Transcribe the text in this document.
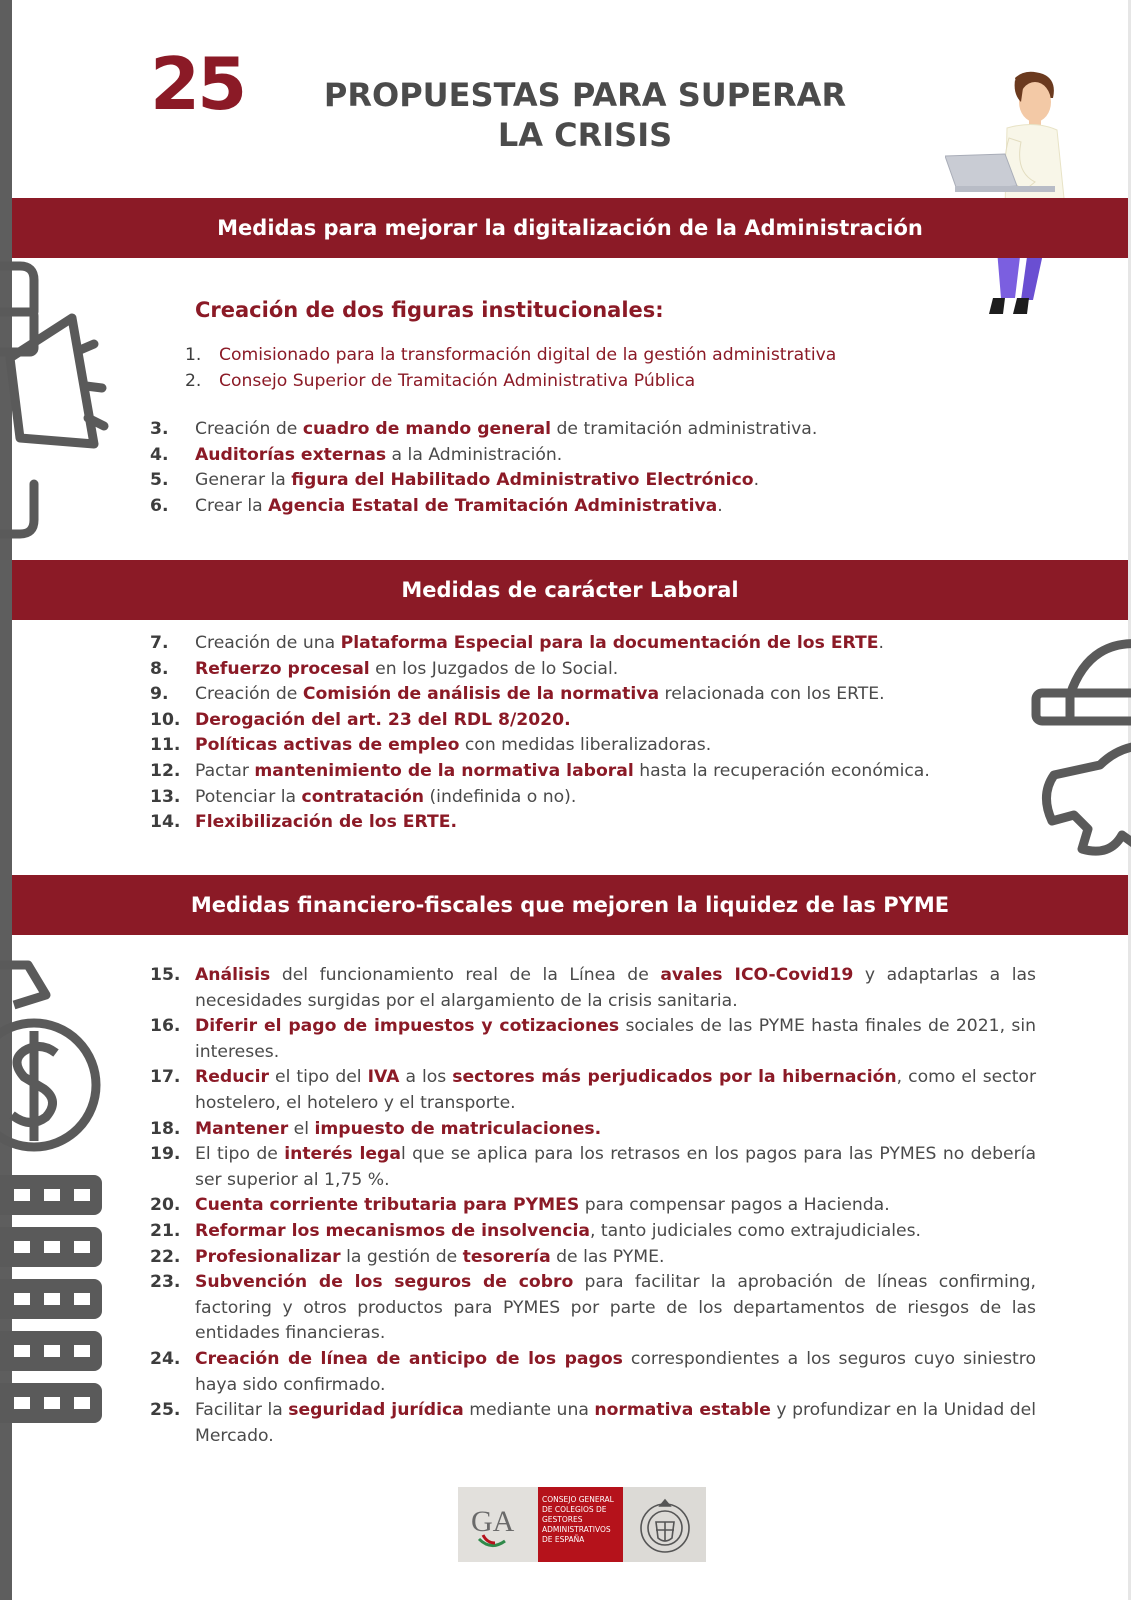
25	PROPUESTAS PARA SUPERAR
LA CRISIS
Medidas para mejorar la digitalización de la Administración
Creación de dos figuras institucionales:
1.	Comisionado para la transformación digital de la gestión administrativa
2.	Consejo Superior de Tramitación Administrativa Pública
3.	Creación de cuadro de mando general de tramitación administrativa.
4.	Auditorías externas a la Administración.
5.	Generar la figura del Habilitado Administrativo Electrónico.
6.	Crear la Agencia Estatal de Tramitación Administrativa.
Medidas de carácter Laboral
7.	Creación de una Plataforma Especial para la documentación de los ERTE.
8.	Refuerzo procesal en los Juzgados de lo Social.
9.	Creación de Comisión de análisis de la normativa relacionada con los ERTE.
10. Derogación del art. 23 del RDL 8/2020.
11. Políticas activas de empleo con medidas liberalizadoras.
12. Pactar mantenimiento de la normativa laboral hasta la recuperación económica.
13. Potenciar la contratación (indefinida o no).
14. Flexibilización de los ERTE.
Medidas financiero-fiscales que mejoren la liquidez de las PYME
15. Análisis del funcionamiento real de la Línea de avales ICO-Covid19 y adaptarlas a las necesidades surgidas por el alargamiento de la crisis sanitaria.
16. Diferir el pago de impuestos y cotizaciones sociales de las PYME hasta finales de 2021, sin intereses.
17. Reducir el tipo del IVA a los sectores más perjudicados por la hibernación, como el sector hostelero, el hotelero y el transporte.
18. Mantener el impuesto de matriculaciones.
19. El tipo de interés legal que se aplica para los retrasos en los pagos para las PYMES no debería ser superior al 1,75 %.
20. Cuenta corriente tributaria para PYMES para compensar pagos a Hacienda.
21. Reformar los mecanismos de insolvencia, tanto judiciales como extrajudiciales.
22. Profesionalizar la gestión de tesorería de las PYME.
23. Subvención de los seguros de cobro para facilitar la aprobación de líneas confirming, factoring y otros productos para PYMES por parte de los departamentos de riesgos de las entidades financieras.
24. Creación de línea de anticipo de los pagos correspondientes a los seguros cuyo siniestro haya sido confirmado.
25. Facilitar la seguridad jurídica mediante una normativa estable y profundizar en la Unidad del Mercado.
GA
CONSEJO GENERAL
DE COLEGIOS DE
GESTORES
ADMINISTRATIVOS
DE ESPAÑA
